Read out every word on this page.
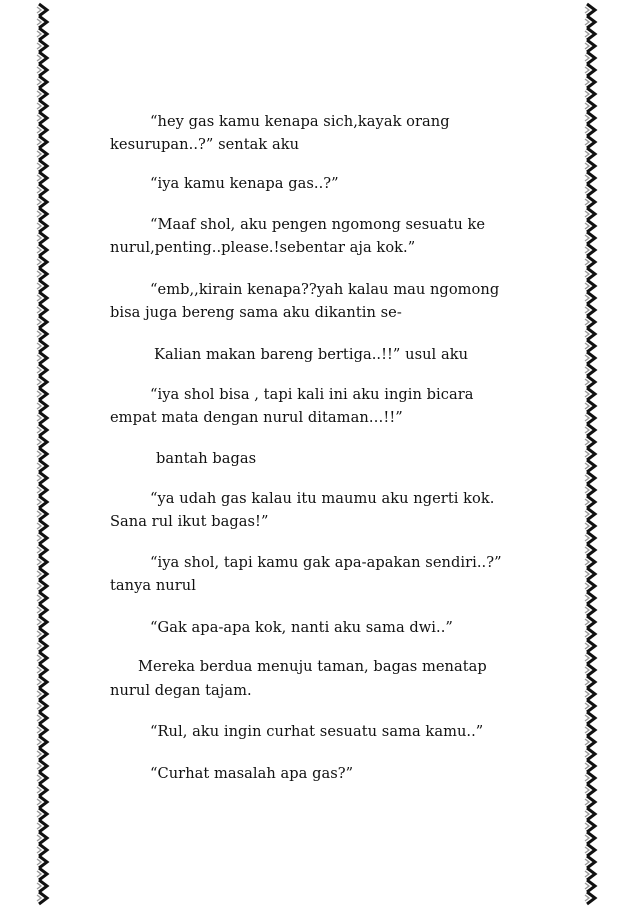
“hey gas kamu kenapa sich,kayak orang
kesurupan..?” sentak aku
“iya kamu kenapa gas..?”
“Maaf shol, aku pengen ngomong sesuatu ke
nurul,penting..please.!sebentar aja kok.”
“emb,,kirain kenapa??yah kalau mau ngomong
bisa juga bereng sama aku dikantin se-
Kalian makan bareng bertiga..!!” usul aku
“iya shol bisa , tapi kali ini aku ingin bicara
empat mata dengan nurul ditaman…!!”
bantah bagas
“ya udah gas kalau itu maumu aku ngerti kok.
Sana rul ikut bagas!”
“iya shol, tapi kamu gak apa-apakan sendiri..?”
tanya nurul
“Gak apa-apa kok, nanti aku sama dwi..”
Mereka berdua menuju taman, bagas menatap
nurul degan tajam.
“Rul, aku ingin curhat sesuatu sama kamu..”
“Curhat masalah apa gas?”
